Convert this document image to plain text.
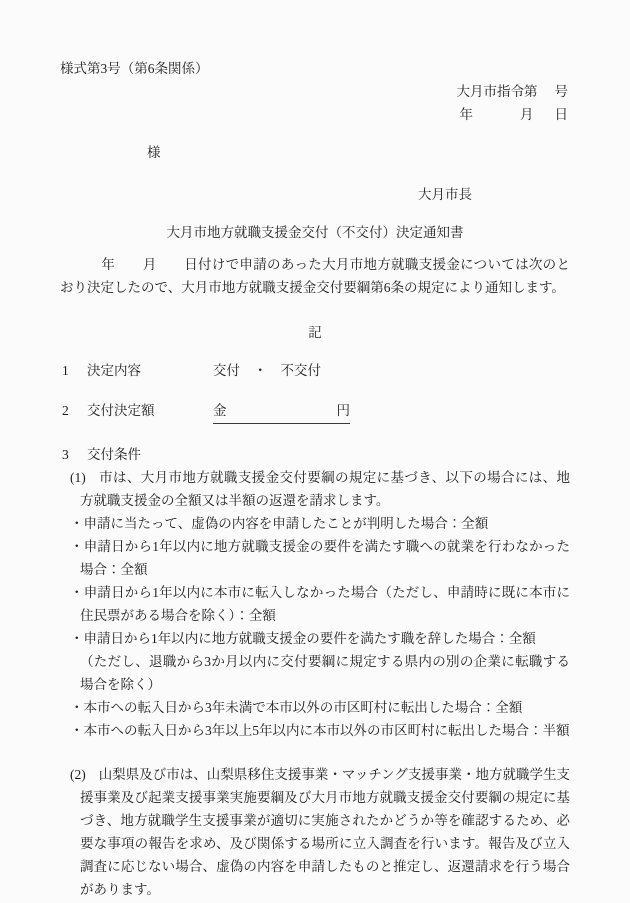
様式第3号（第6条関係）
大月市指令第 号
年	月 日
様
大月市長
大月市地方就職支援金交付（不交付）決定通知書

　　　年　　月　　日付けで申請のあった大月市地方就職支援金については次のとおり決定したので、大月市地方就職支援金交付要綱第6条の規定により通知します。

記
1	決定内容	交付　・　不交付
2	交付決定額	金	円
3	交付条件
(1) 市は、大月市地方就職支援金交付要綱の規定に基づき、以下の場合には、地方就職支援金の全額又は半額の返還を請求します。
・申請に当たって、虚偽の内容を申請したことが判明した場合：全額
・申請日から1年以内に地方就職支援金の要件を満たす職への就業を行わなかった場合：全額
・申請日から1年以内に本市に転入しなかった場合（ただし、申請時に既に本市に住民票がある場合を除く）：全額
・申請日から1年以内に地方就職支援金の要件を満たす職を辞した場合：全額
（ただし、退職から3か月以内に交付要綱に規定する県内の別の企業に転職する場合を除く）
・本市への転入日から3年未満で本市以外の市区町村に転出した場合：全額
・本市への転入日から3年以上5年以内に本市以外の市区町村に転出した場合：半額
(2) 山梨県及び市は、山梨県移住支援事業・マッチング支援事業・地方就職学生支援事業及び起業支援事業実施要綱及び大月市地方就職支援金交付要綱の規定に基づき、地方就職学生支援事業が適切に実施されたかどうか等を確認するため、必要な事項の報告を求め、及び関係する場所に立入調査を行います。報告及び立入調査に応じない場合、虚偽の内容を申請したものと推定し、返還請求を行う場合があります。
